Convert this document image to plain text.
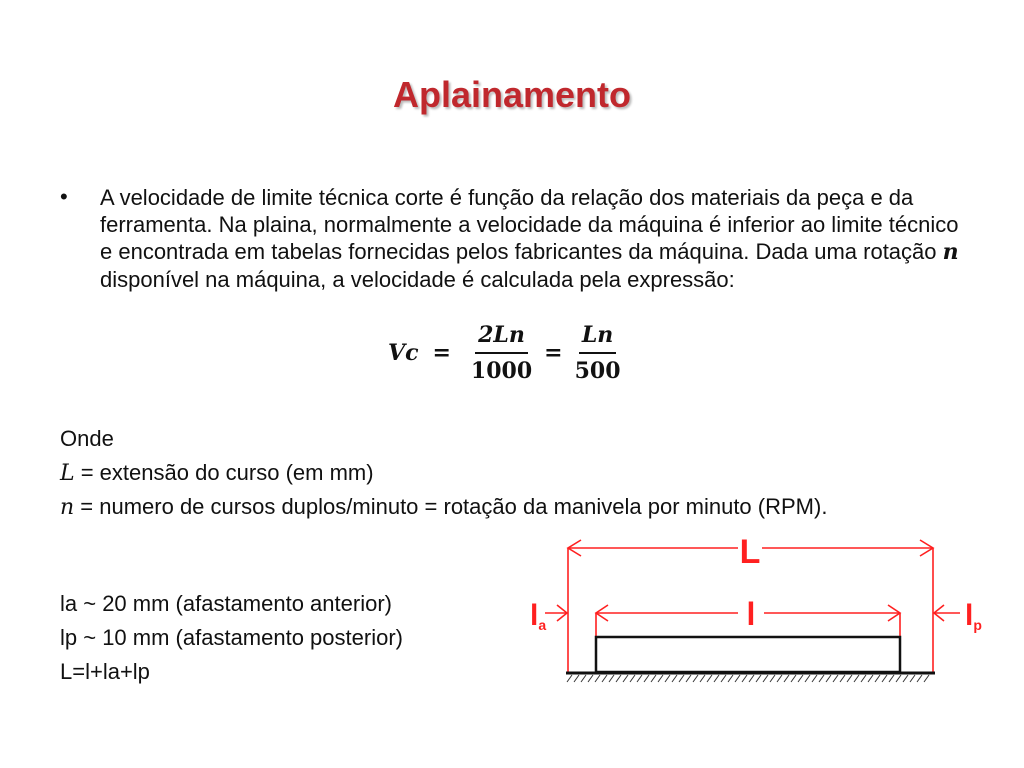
Aplainamento
• A velocidade de limite técnica corte é função da relação dos materiais da peça e da ferramenta. Na plaina, normalmente a velocidade da máquina é inferior ao limite técnico e encontrada em tabelas fornecidas pelos fabricantes da máquina. Dada uma rotação n disponível na máquina, a velocidade é calculada pela expressão:
$Vc = \frac{2Ln}{1000} = \frac{Ln}{500}$
Onde
L = extensão do curso (em mm)
n = numero de cursos duplos/minuto = rotação da manivela por minuto (RPM).
la ~ 20 mm (afastamento anterior)
lp ~ 10 mm (afastamento posterior)
L=l+la+lp
L
l
la	lp
